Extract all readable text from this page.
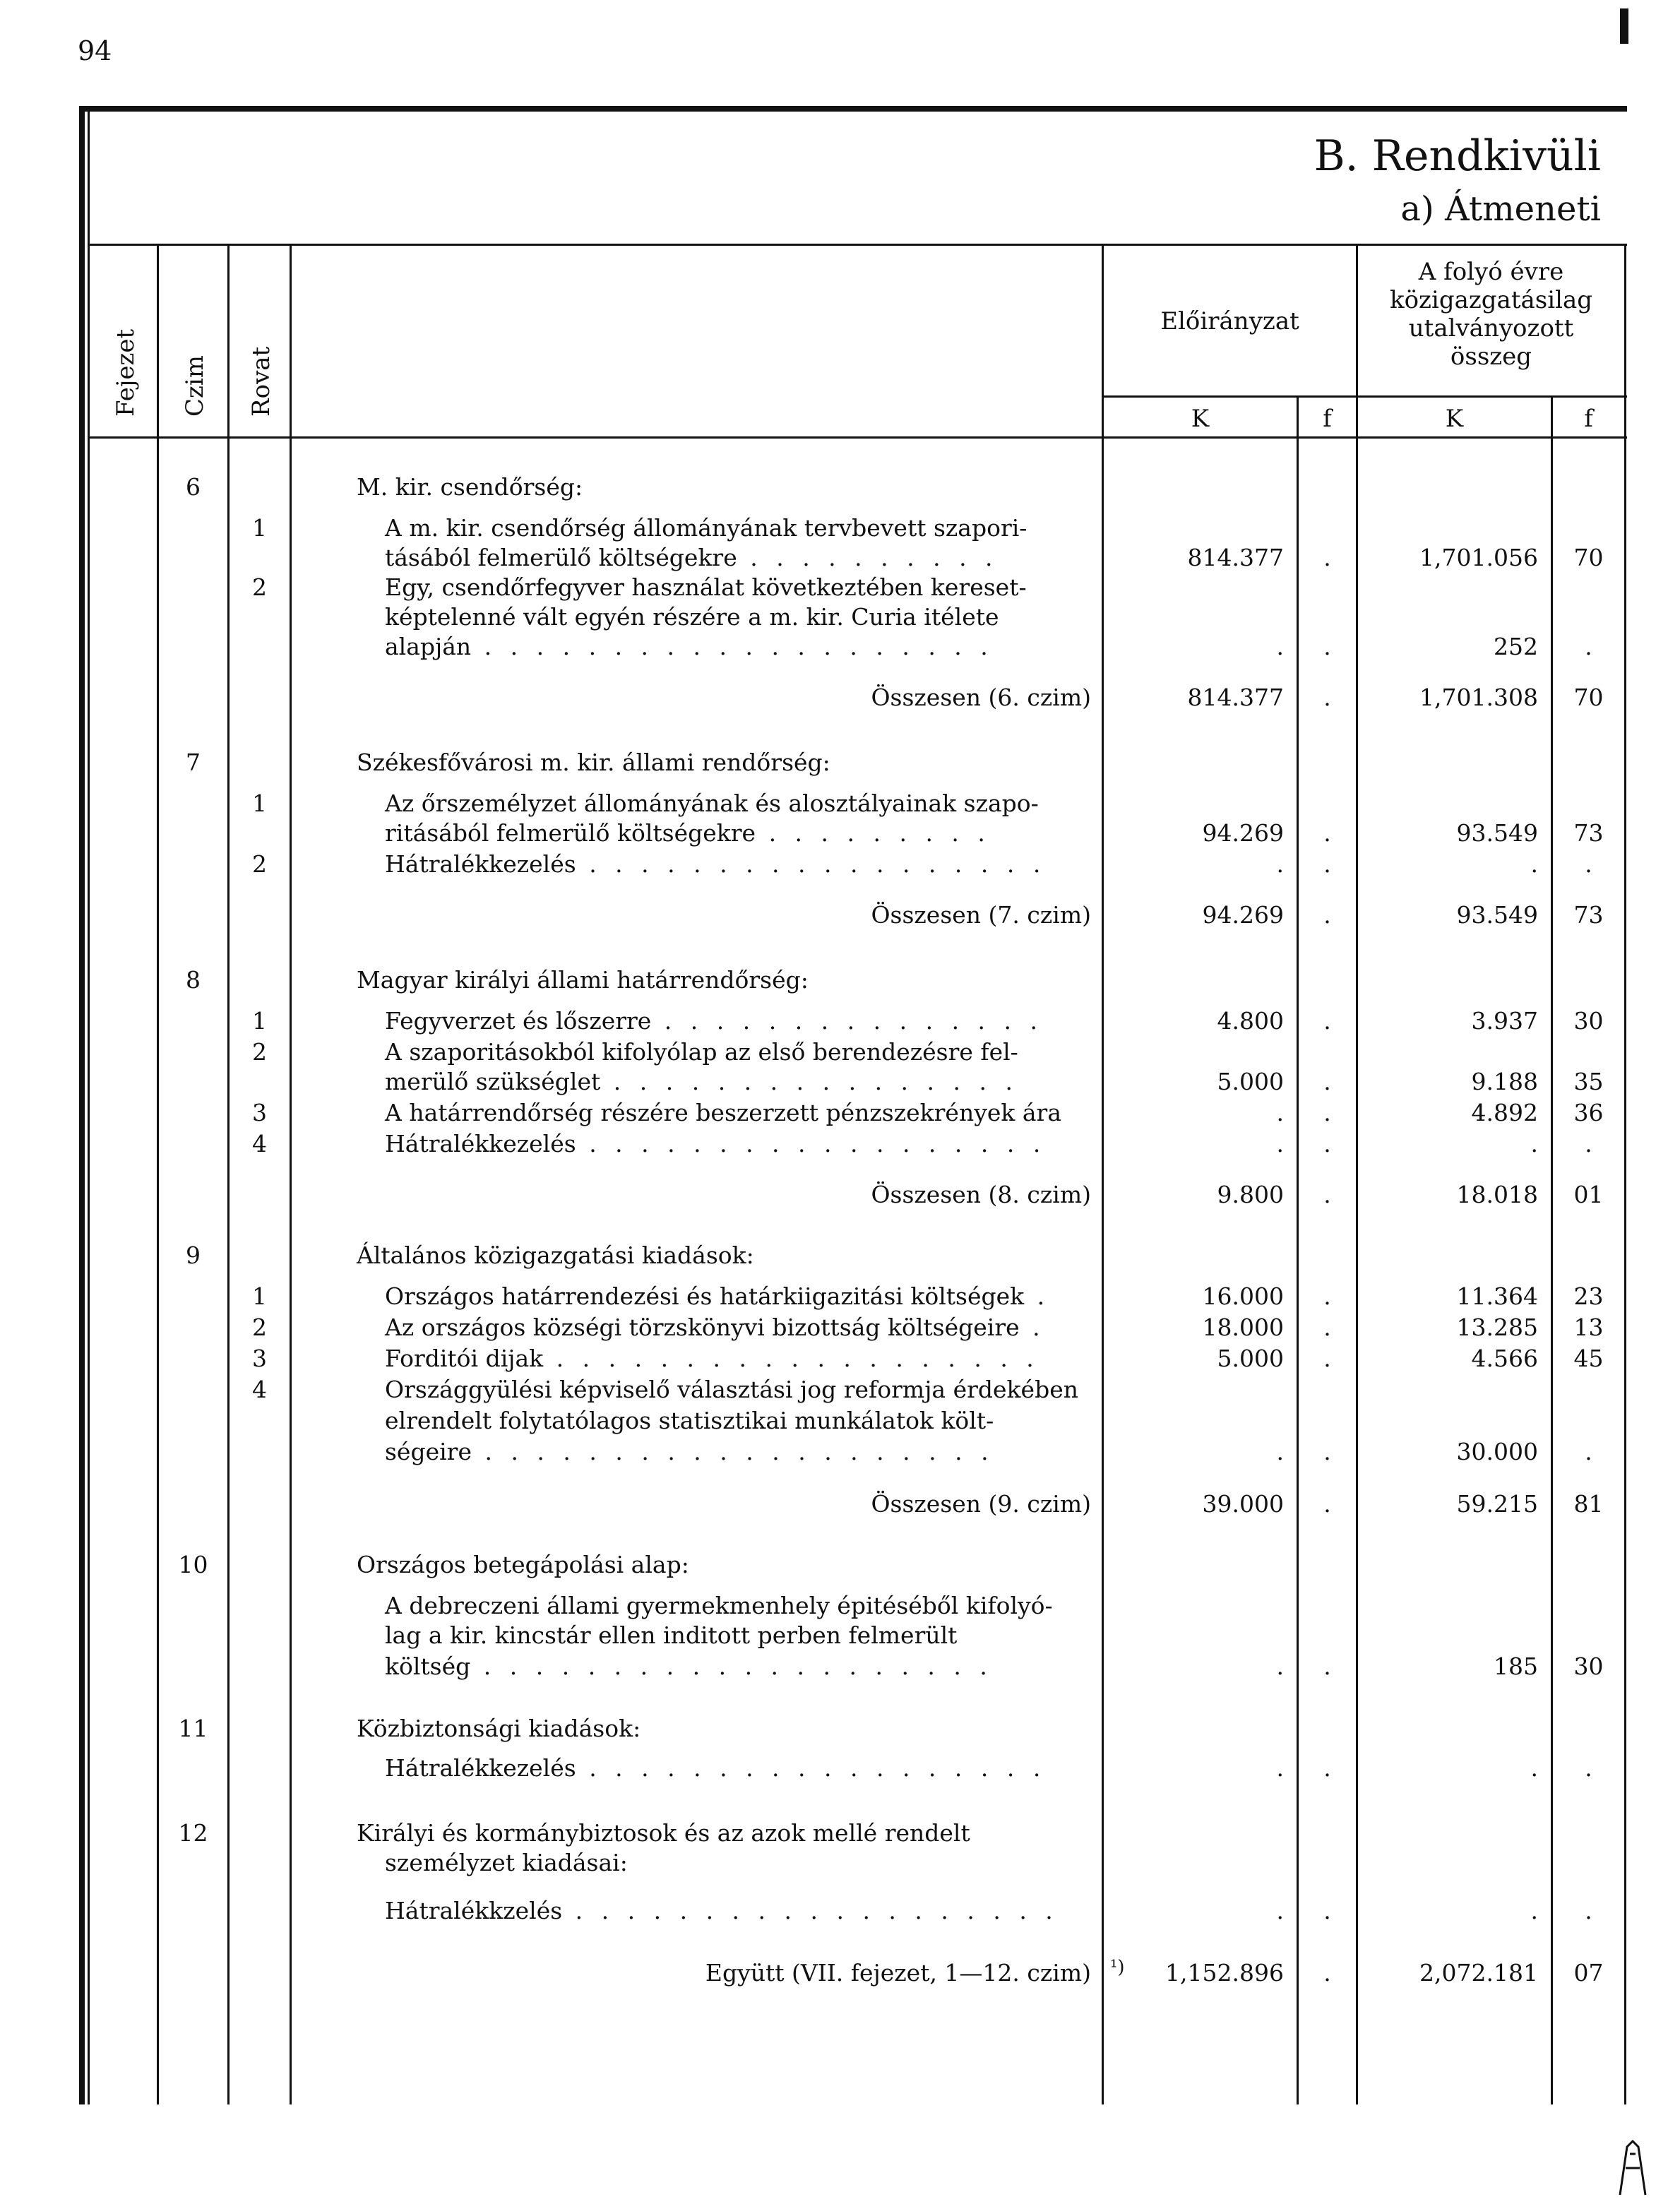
94
B. Rendkivüli
a) Átmeneti
Fejezet Czim Rovat
Előirányzat
A folyó évre
közigazgatásilag
utalványozott
összeg
K	f	K	f
6	M. kir. csendőrség:
1	A m. kir. csendőrség állományának tervbevett szapori-
tásából felmerülő költségekre . . . . . . . . . .	814.377	.	1,701.056	70
2	Egy, csendőrfegyver használat következtében kereset-
képtelenné vált egyén részére a m. kir. Curia itélete
alapján . . . . . . . . . . . . . . . . . . . .	.	.	252	.
Összesen (6. czim)	814.377	.	1,701.308	70
7	Székesfővárosi m. kir. állami rendőrség:
1	Az őrszemélyzet állományának és alosztályainak szapo-
ritásából felmerülő költségekre . . . . . . . . .	94.269	.	93.549	73
2	Hátralékkezelés . . . . . . . . . . . . . . . . . .	.	.	.	.
Összesen (7. czim)	94.269	.	93.549	73
8	Magyar királyi állami határrendőrség:
1	Fegyverzet és lőszerre . . . . . . . . . . . . . . .	4.800	.	3.937	30
2	A szaporitásokból kifolyólap az első berendezésre fel-
merülő szükséglet . . . . . . . . . . . . . . . .	5.000	.	9.188	35
3	A határrendőrség részére beszerzett pénzszekrények ára	.	.	4.892	36
4	Hátralékkezelés . . . . . . . . . . . . . . . . . .	.	.	.	.
Összesen (8. czim)	9.800	.	18.018	01
9	Általános közigazgatási kiadások:
1	Országos határrendezési és határkiigazitási költségek .	16.000	.	11.364	23
2	Az országos községi törzskönyvi bizottság költségeire .	18.000	.	13.285	13
3	Forditói dijak . . . . . . . . . . . . . . . . . . .	5.000	.	4.566	45
4	Országgyülési képviselő választási jog reformja érdekében
elrendelt folytatólagos statisztikai munkálatok költ-
ségeire . . . . . . . . . . . . . . . . . . . .	.	.	30.000	.
Összesen (9. czim)	39.000	.	59.215	81
10	Országos betegápolási alap:
A debreczeni állami gyermekmenhely épitéséből kifolyó-
lag a kir. kincstár ellen inditott perben felmerült
költség . . . . . . . . . . . . . . . . . . . .	.	.	185	30
11	Közbiztonsági kiadások:
Hátralékkezelés . . . . . . . . . . . . . . . . . .	.	.	.	.
12	Királyi és kormánybiztosok és az azok mellé rendelt
személyzet kiadásai:
Hátralékkzelés . . . . . . . . . . . . . . . . . . .	.	.	.	.
Együtt (VII. fejezet, 1—12. czim) ¹) 1,152.896	.	2,072.181	07
